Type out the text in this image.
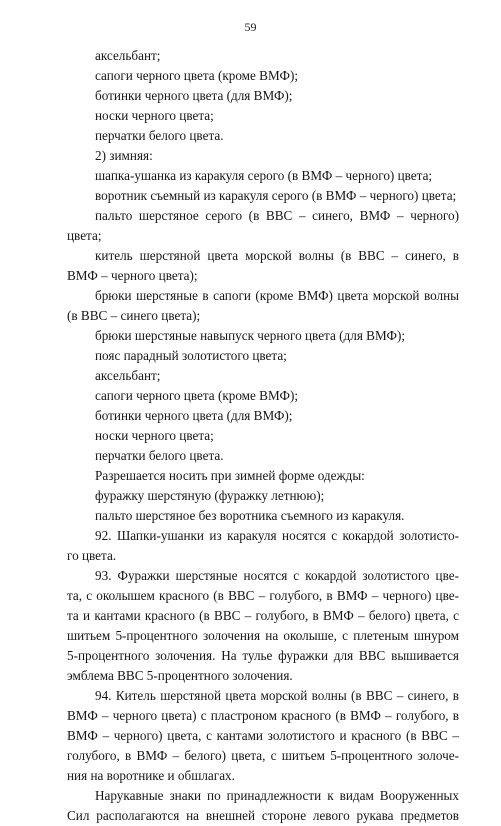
59
аксельбант;
сапоги черного цвета (кроме ВМФ);
ботинки черного цвета (для ВМФ);
носки черного цвета;
перчатки белого цвета.
2) зимняя:
шапка-ушанка из каракуля серого (в ВМФ – черного) цвета;
воротник съемный из каракуля серого (в ВМФ – черного) цвета;
пальто шерстяное серого (в ВВС – синего, ВМФ – черного)
цвета;
китель шерстяной цвета морской волны (в ВВС – синего, в
ВМФ – черного цвета);
брюки шерстяные в сапоги (кроме ВМФ) цвета морской волны (в ВВС – синего цвета);
брюки шерстяные навыпуск черного цвета (для ВМФ);
пояс парадный золотистого цвета;
аксельбант;
сапоги черного цвета (кроме ВМФ);
ботинки черного цвета (для ВМФ);
носки черного цвета;
перчатки белого цвета.
Разрешается носить при зимней форме одежды:
фуражку шерстяную (фуражку летнюю);
пальто шерстяное без воротника съемного из каракуля.
92. Шапки-ушанки из каракуля носятся с кокардой золотисто-
го цвета.
93. Фуражки шерстяные носятся с кокардой золотистого цве-
та, с околышем красного (в ВВС – голубого, в ВМФ – черного) цве-
та и кантами красного (в ВВС – голубого, в ВМФ – белого) цвета, с
шитьем 5-процентного золочения на околыше, с плетеным шнуром
5-процентного золочения. На тулье фуражки для ВВС вышивается
эмблема ВВС 5-процентного золочения.
94. Китель шерстяной цвета морской волны (в ВВС – синего, в
ВМФ – черного цвета) с пластроном красного (в ВМФ – голубого, в
ВМФ – черного) цвета, с кантами золотистого и красного (в ВВС –
голубого, в ВМФ – белого) цвета, с шитьем 5-процентного золоче-
ния на воротнике и обшлагах.
Нарукавные знаки по принадлежности к видам Вооруженных
Сил располагаются на внешней стороне левого рукава предметов
